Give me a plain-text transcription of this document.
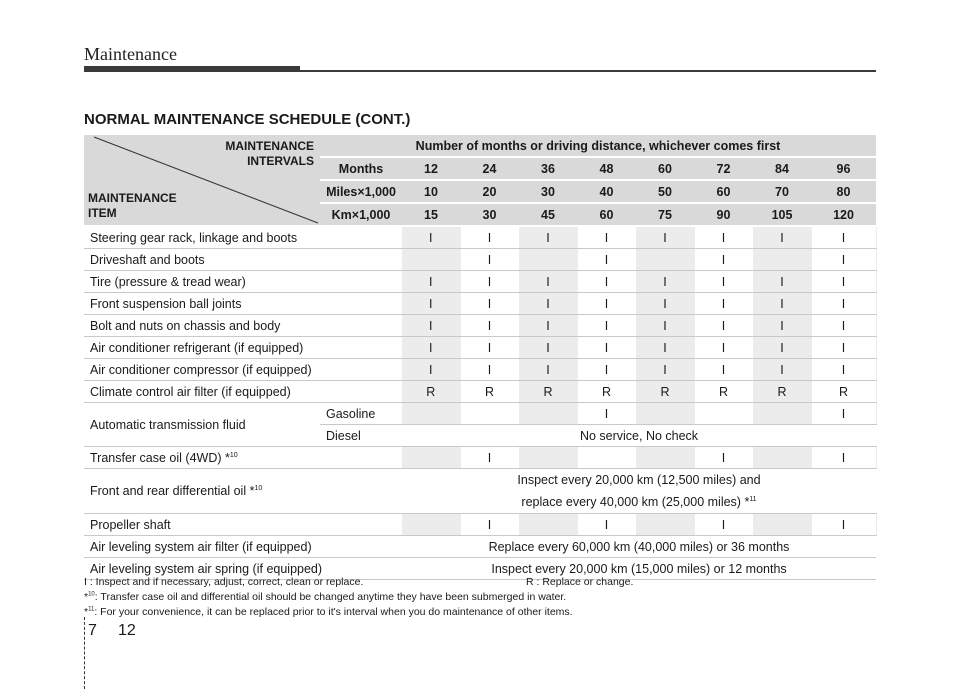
Maintenance
NORMAL MAINTENANCE SCHEDULE (CONT.)
MAINTENANCE
INTERVALS
MAINTENANCE
ITEM	Number of months or driving distance, whichever comes first								
	Months	12	24	36	48	60	72	84	96
	Miles×1,000	10	20	30	40	50	60	70	80
	Km×1,000	15	30	45	60	75	90	105	120
Steering gear rack, linkage and boots		I	I	I	I	I	I	I	I
Driveshaft and boots			I		I		I		I
Tire (pressure & tread wear)		I	I	I	I	I	I	I	I
Front suspension ball joints		I	I	I	I	I	I	I	I
Bolt and nuts on chassis and body		I	I	I	I	I	I	I	I
Air conditioner refrigerant (if equipped)		I	I	I	I	I	I	I	I
Air conditioner compressor (if equipped)		I	I	I	I	I	I	I	I
Climate control air filter (if equipped)		R	R	R	R	R	R	R	R
Automatic transmission fluid	Gasoline				I				I
	Diesel	No service, No check							
Transfer case oil (4WD) *$^{10}$			I				I		I
Front and rear differential oil *$^{10}$		Inspect every 20,000 km (12,500 miles) and
replace every 40,000 km (25,000 miles) *$^{11}$

Propeller shaft			I		I		I		I
Air leveling system air filter (if equipped)		Replace every 60,000 km (40,000 miles) or 36 months							
Air leveling system air spring (if equipped)		Inspect every 20,000 km (15,000 miles) or 12 months							
I : Inspect and if necessary, adjust, correct, clean or replace.	R : Replace or change.
*$^{10}$: Transfer case oil and differential oil should be changed anytime they have been submerged in water.
*$^{11}$: For your convenience, it can be replaced prior to it's interval when you do maintenance of other items.
7 12
